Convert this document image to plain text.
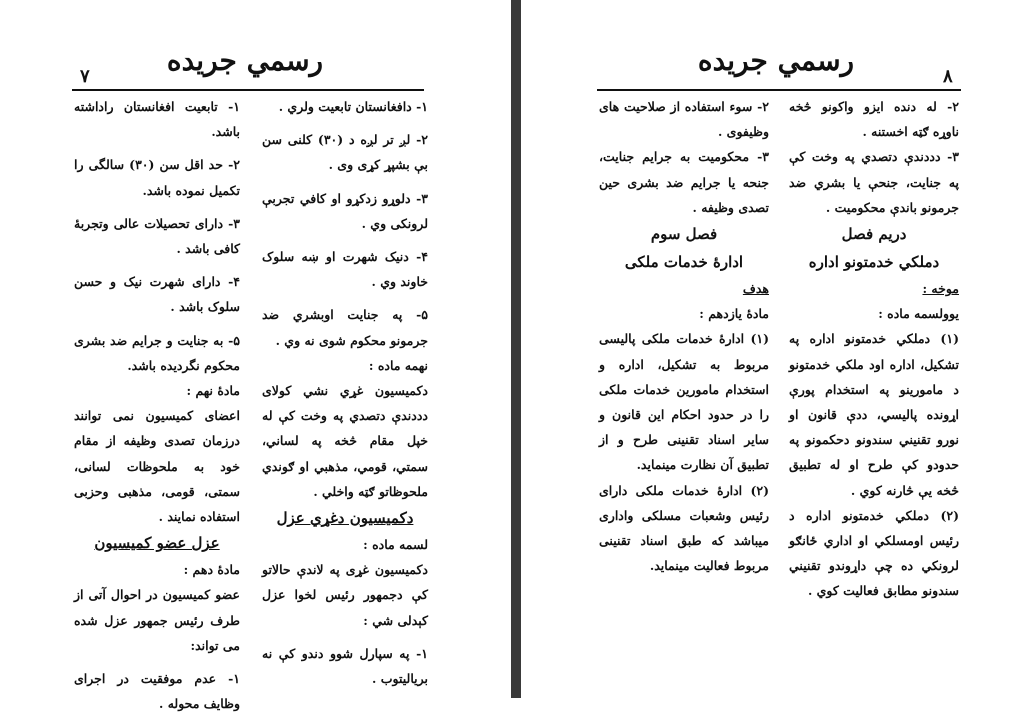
رسمي جريده
۷

۱- تابعیت افغانستان راداشته باشد.

۲- حد اقل سن (۳۰) سالگی را تکمیل نموده باشد.

۳- دارای تحصیلات عالی وتجربهٔ کافی باشد .

۴- دارای شهرت نیک و حسن سلوک باشد .

۵- به جنایت و جرایم ضد بشری محکوم نگردیده باشد.

مادهٔ نهم :

اعضای کمیسیون نمی توانند درزمان تصدی وظیفه از مقام خود به ملحوظات لسانی، سمتی، قومی، مذهبی وحزبی استفاده نمایند .

عزل عضو کمیسیون

مادهٔ دهم :

عضو کمیسیون در احوال آتی از طرف رئیس جمهور عزل شده می تواند:

۱- عدم موفقیت در اجرای وظایف محوله .

۱- دافغانستان تابعیت ولري .

۲- لږ تر لږه د (۳۰) کلنی سن بې بشپړ کړی وی .

۳- دلوړو زدکړو او کافي تجربې لرونکی وي .

۴- دنیک شهرت او ښه سلوک خاوند وي .

۵- په جنایت اوبشري ضد جرمونو محکوم شوی نه وي .

نهمه ماده :

دکمیسیون غړي نشي کولای دددندې دتصدي په وخت کې له خپل مقام څخه په لساني، سمتي، قومي، مذهبي او ګوندي ملحوظاتو ګټه واخلي .

دکمیسیون دغړي عزل

لسمه ماده :

دکمیسیون غړی په لاندې حالاتو کې دجمهور رئیس لخوا عزل کېدلی شي :

۱- په سپارل شوو دندو کې نه بریالیتوب .

رسمي جريده	۸

۲- سوء استفاده از صلاحیت های وظیفوی .

۳- محکومیت به جرایم جنایت، جنحه یا جرایم ضد بشری حین تصدی وظیفه .

فصل سوم

ادارهٔ خدمات ملکی

هدف

مادهٔ یازدهم :

(۱) ادارهٔ خدمات ملکی پالیسی مربوط به تشکیل، اداره و استخدام مامورین خدمات ملکی را در حدود احکام این قانون و سایر اسناد تقنینی طرح و از تطبیق آن نظارت مینماید.

(۲) ادارهٔ خدمات ملکی دارای رئیس وشعبات مسلکی واداری میباشد که طبق اسناد تقنینی مربوط فعالیت مینماید.

۲- له دنده ایزو واکونو څخه ناوړه ګټه اخستنه .

۳- دددندې دتصدي په وخت کې په جنایت، جنحې یا بشري ضد جرمونو باندې محکومیت .

دریم فصل

دملکي خدمتونو اداره

موخه :

یوولسمه ماده :

(۱) دملکي خدمتونو اداره په تشکیل، اداره اود ملکي خدمتونو د مامورینو په استخدام پورې اړونده پالیسي، ددې قانون او نورو تقنیني سندونو دحکمونو په حدودو کې طرح او له تطبیق څخه یې څارنه کوي .

(۲) دملکي خدمتونو اداره د رئیس اومسلکي او اداري ځانګو لرونکي ده چې داړوندو تقنیني سندونو مطابق فعالیت کوي .
